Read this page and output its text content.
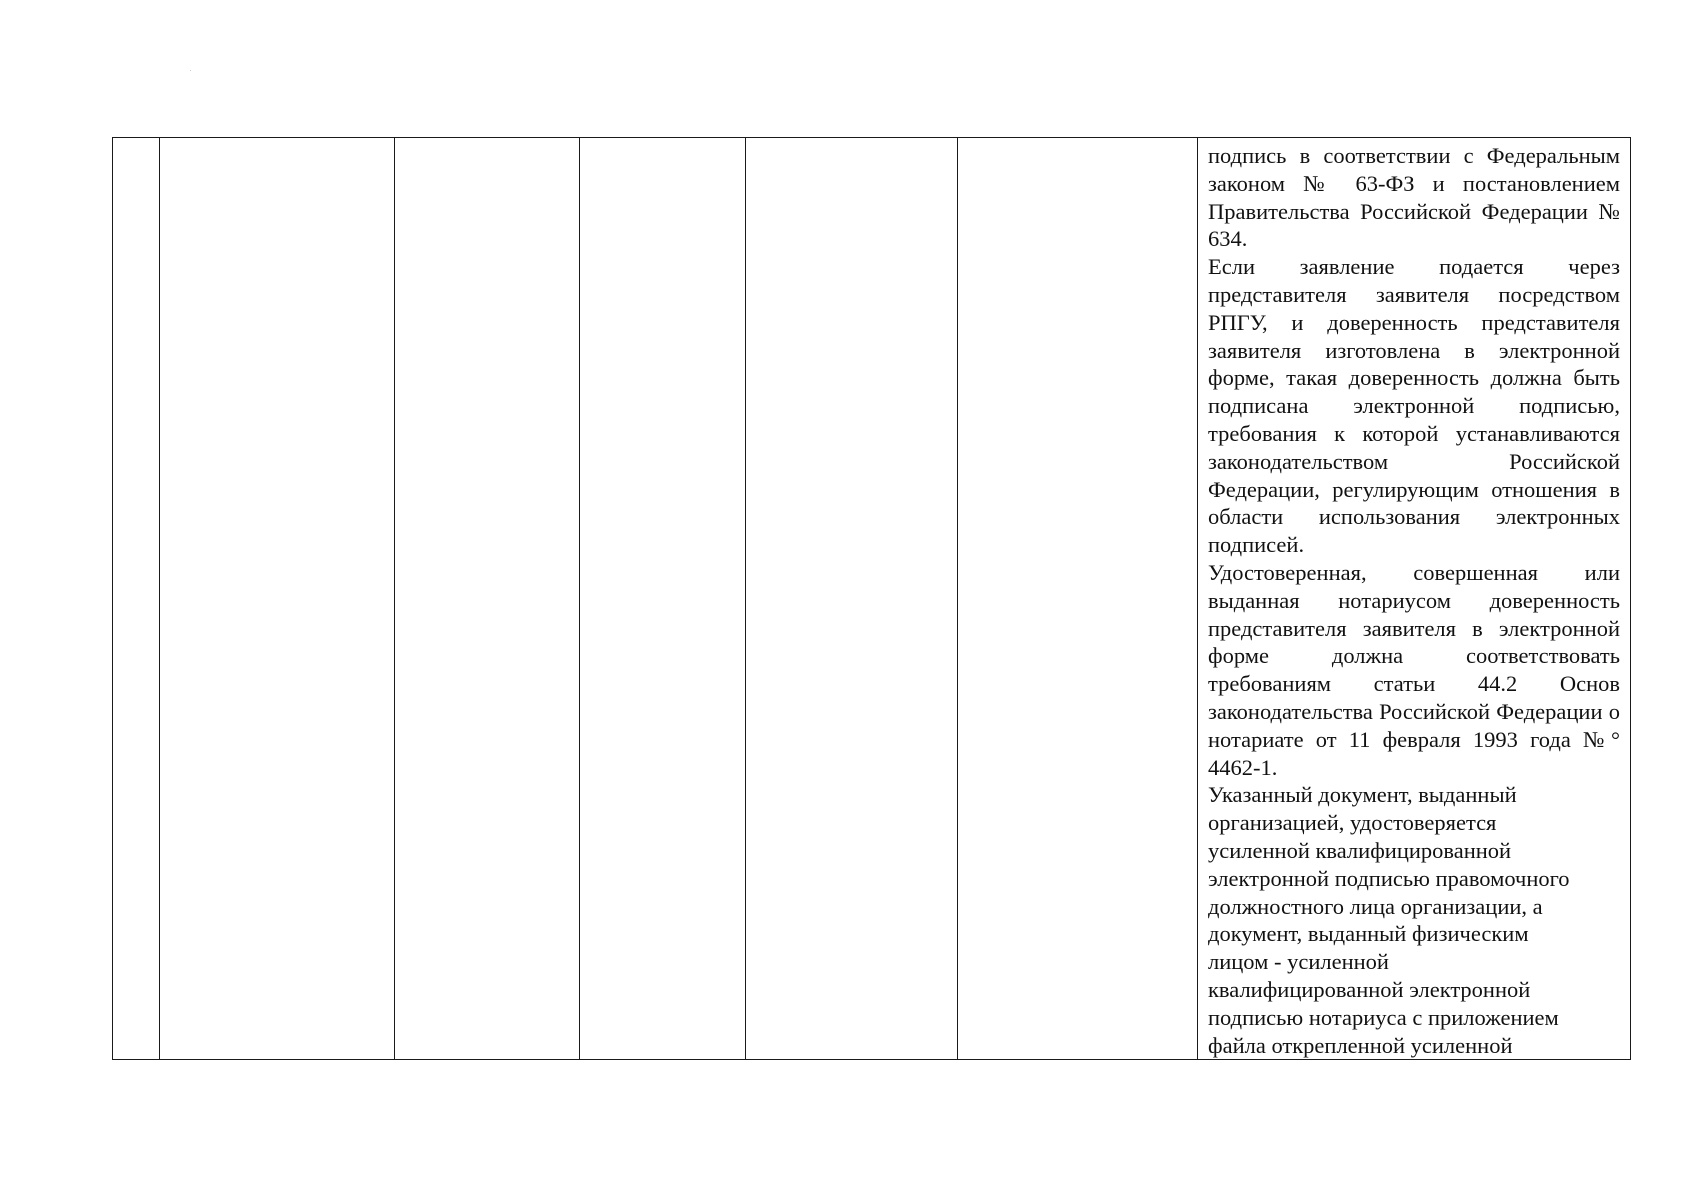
подпись в соответствии с Федеральным законом № 63-ФЗ и постановлением Правительства Российской Федерации № 634.

Если заявление подается через представителя заявителя посредством РПГУ, и доверенность представителя заявителя изготовлена в электронной форме, такая доверенность должна быть подписана электронной подписью, требования к которой устанавливаются законодательством Российской Федерации, регулирующим отношения в области использования электронных подписей.

Удостоверенная, совершенная или выданная нотариусом доверенность представителя заявителя в электронной форме должна соответствовать требованиям статьи 44.2 Основ законодательства Российской Федерации о нотариате от 11 февраля 1993 года №° 4462-1.

Указанный документ, выданный
организацией, удостоверяется
усиленной квалифицированной
электронной подписью правомочного
должностного лица организации, а
документ, выданный физическим
лицом - усиленной
квалифицированной электронной
подписью нотариуса с приложением
файла открепленной усиленной
